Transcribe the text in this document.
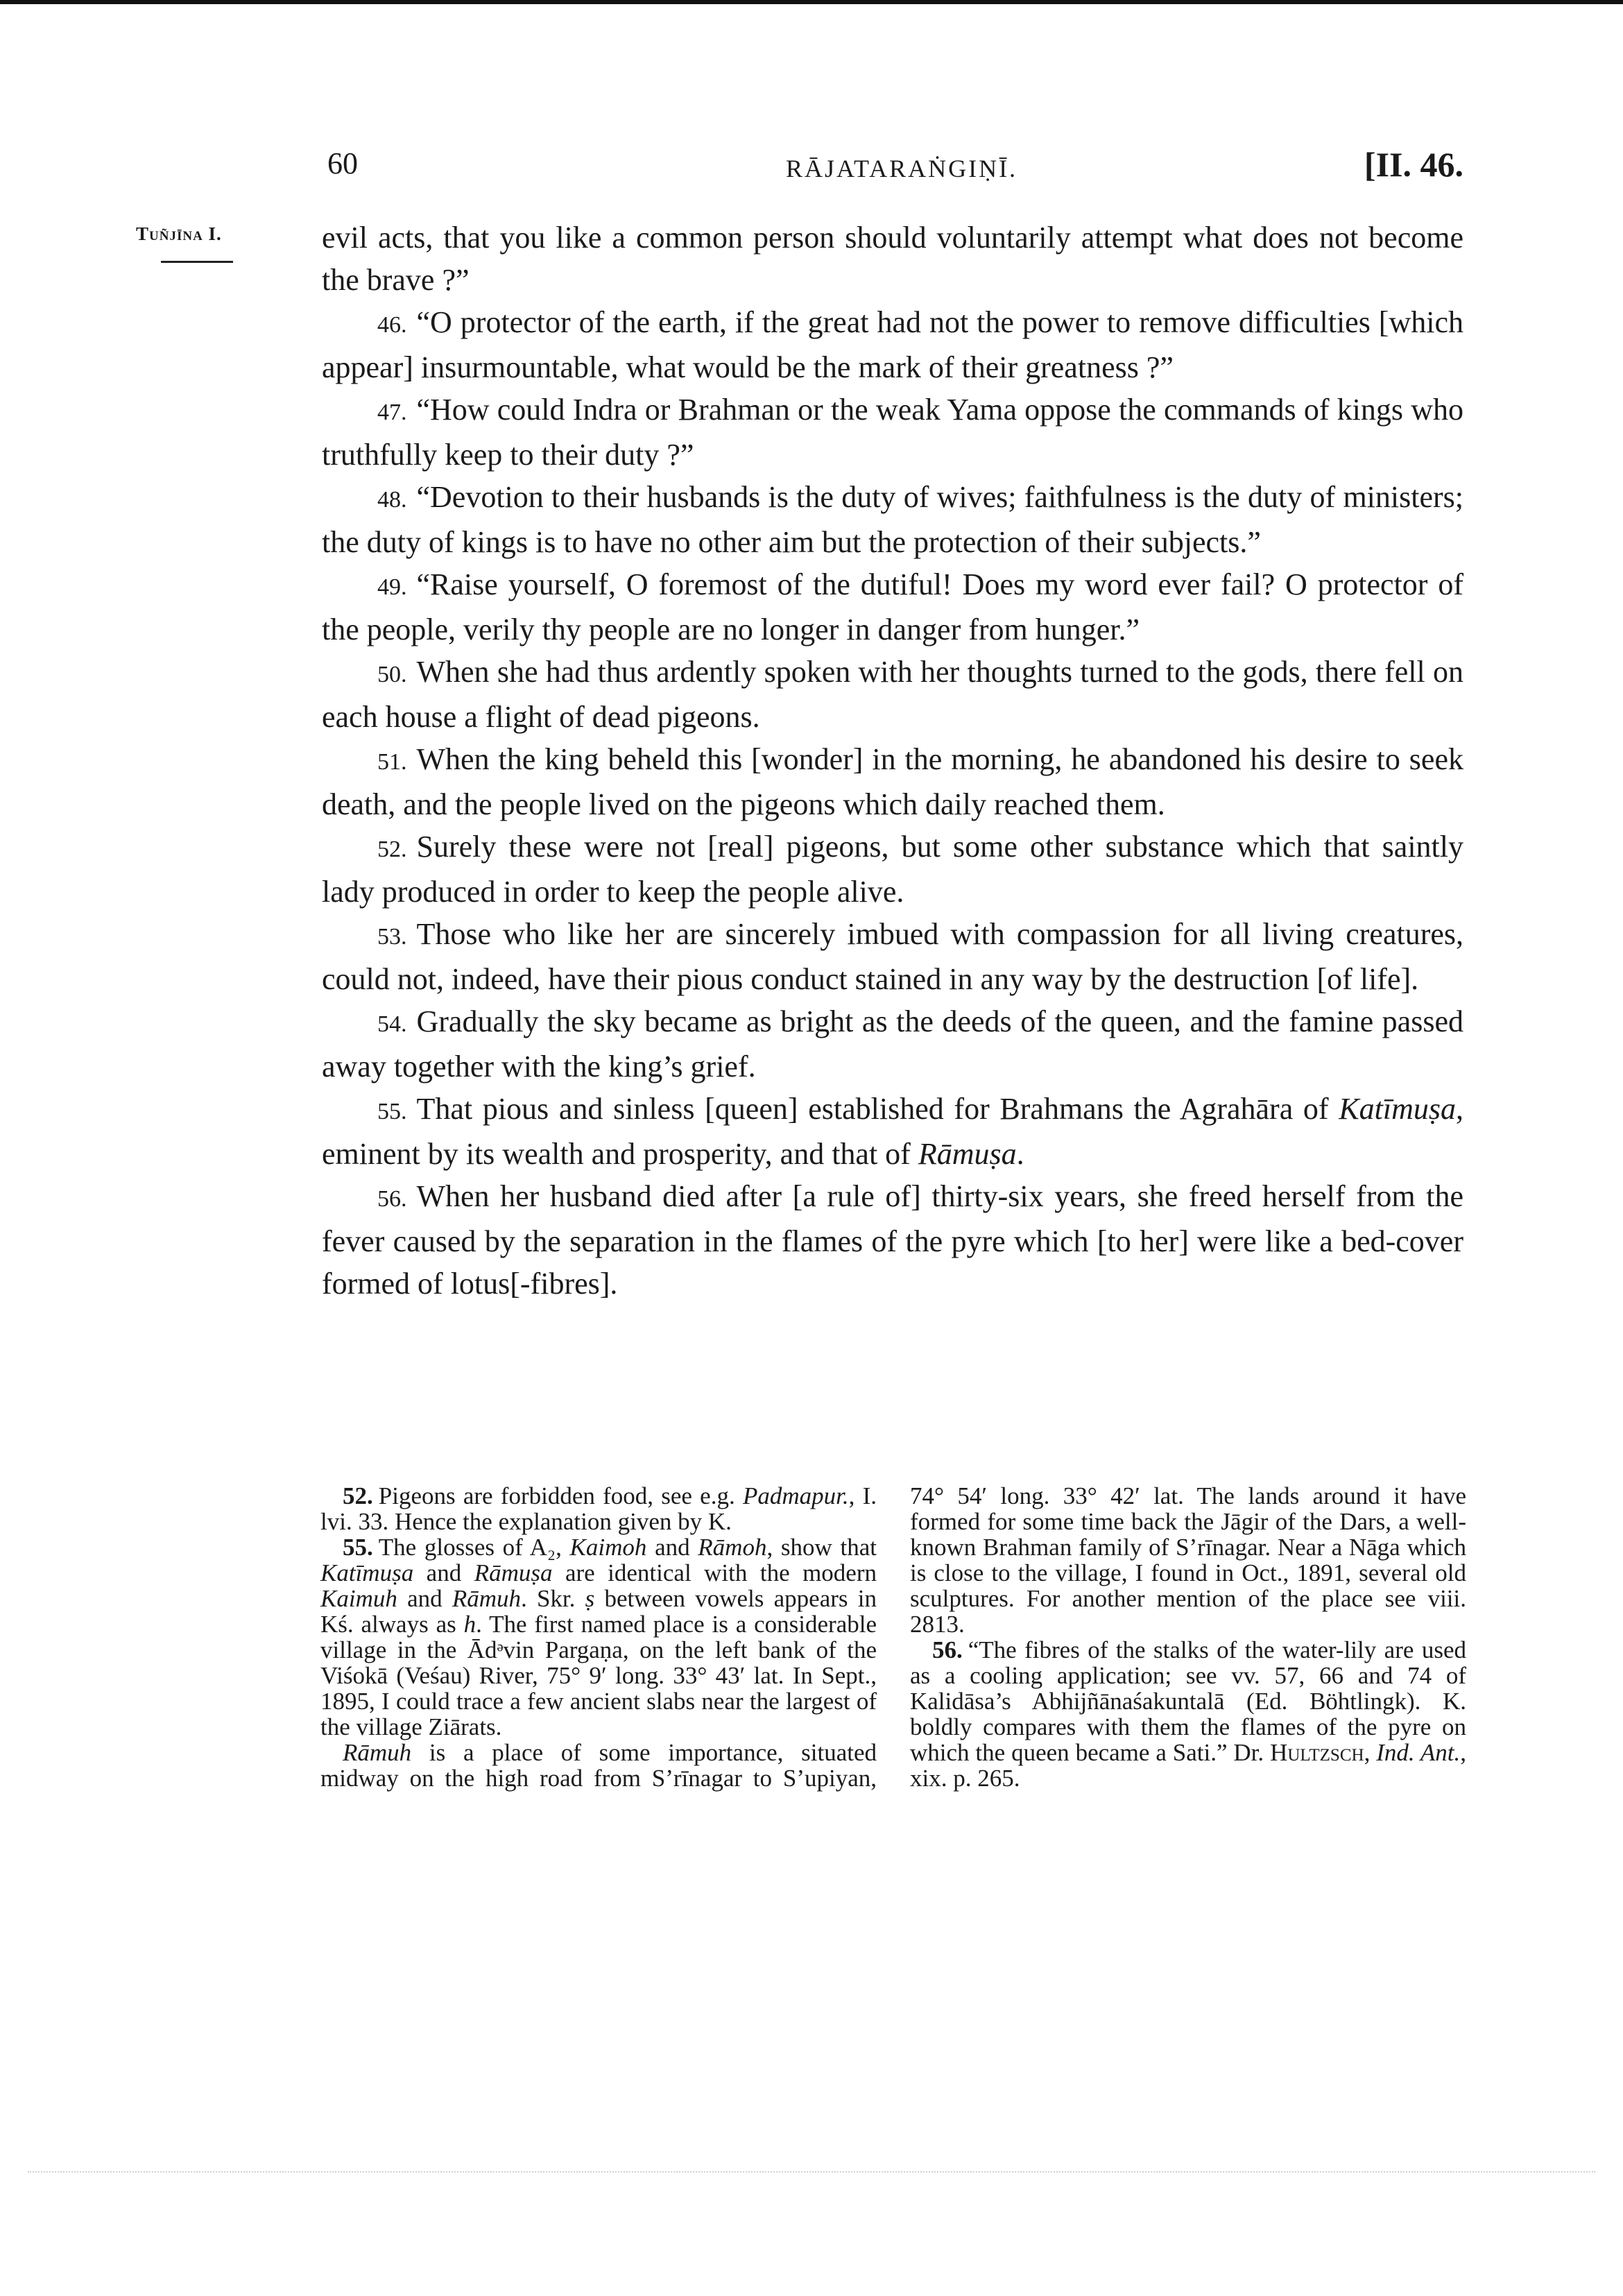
60	RĀJATARAṄGIṆĪ.	[II. 46.
Tuñjīna I.	evil acts, that you like a common person should voluntarily attempt what does not become the brave ?”

46. “O protector of the earth, if the great had not the power to remove difficulties [which appear] insurmountable, what would be the mark of their greatness ?”

47. “How could Indra or Brahman or the weak Yama oppose the commands of kings who truthfully keep to their duty ?”

48. “Devotion to their husbands is the duty of wives; faithfulness is the duty of ministers; the duty of kings is to have no other aim but the protection of their subjects.”

49. “Raise yourself, O foremost of the dutiful! Does my word ever fail? O protector of the people, verily thy people are no longer in danger from hunger.”

50. When she had thus ardently spoken with her thoughts turned to the gods, there fell on each house a flight of dead pigeons.

51. When the king beheld this [wonder] in the morning, he abandoned his desire to seek death, and the people lived on the pigeons which daily reached them.

52. Surely these were not [real] pigeons, but some other substance which that saintly lady produced in order to keep the people alive.

53. Those who like her are sincerely imbued with compassion for all living creatures, could not, indeed, have their pious conduct stained in any way by the destruction [of life].

54. Gradually the sky became as bright as the deeds of the queen, and the famine passed away together with the king’s grief.

55. That pious and sinless [queen] established for Brahmans the Agrahāra of Katīmuṣa, eminent by its wealth and prosperity, and that of Rāmuṣa.

56. When her husband died after [a rule of] thirty-six years, she freed herself from the fever caused by the separation in the flames of the pyre which [to her] were like a bed-cover formed of lotus[-fibres].

52. Pigeons are forbidden food, see e.g. Padmapur., I. lvi. 33. Hence the explanation given by K.

55. The glosses of A₂, Kaimoh and Rāmoh, show that Katīmuṣa and Rāmuṣa are identical with the modern Kaimuh and Rāmuh. Skr. ṣ between vowels appears in Kś. always as h. The first named place is a considerable village in the Ādᵊvin Pargaṇa, on the left bank of the Viśokā (Veśau) River, 75° 9′ long. 33° 43′ lat. In Sept., 1895, I could trace a few ancient slabs near the largest of the village Ziārats.

Rāmuh is a place of some importance, situated midway on the high road from S’rīnagar to S’upiyan, 74° 54′ long. 33° 42′ lat. The lands around it have formed for some time back the Jāgir of the Dars, a well-known Brahman family of S’rīnagar. Near a Nāga which is close to the village, I found in Oct., 1891, several old sculptures. For another mention of the place see viii. 2813.

56. “The fibres of the stalks of the water-lily are used as a cooling application; see vv. 57, 66 and 74 of Kalidāsa’s Abhijñānaśakuntalā (Ed. Böhtlingk). K. boldly compares with them the flames of the pyre on which the queen became a Sati.” Dr. Hultzsch, Ind. Ant., xix. p. 265.
